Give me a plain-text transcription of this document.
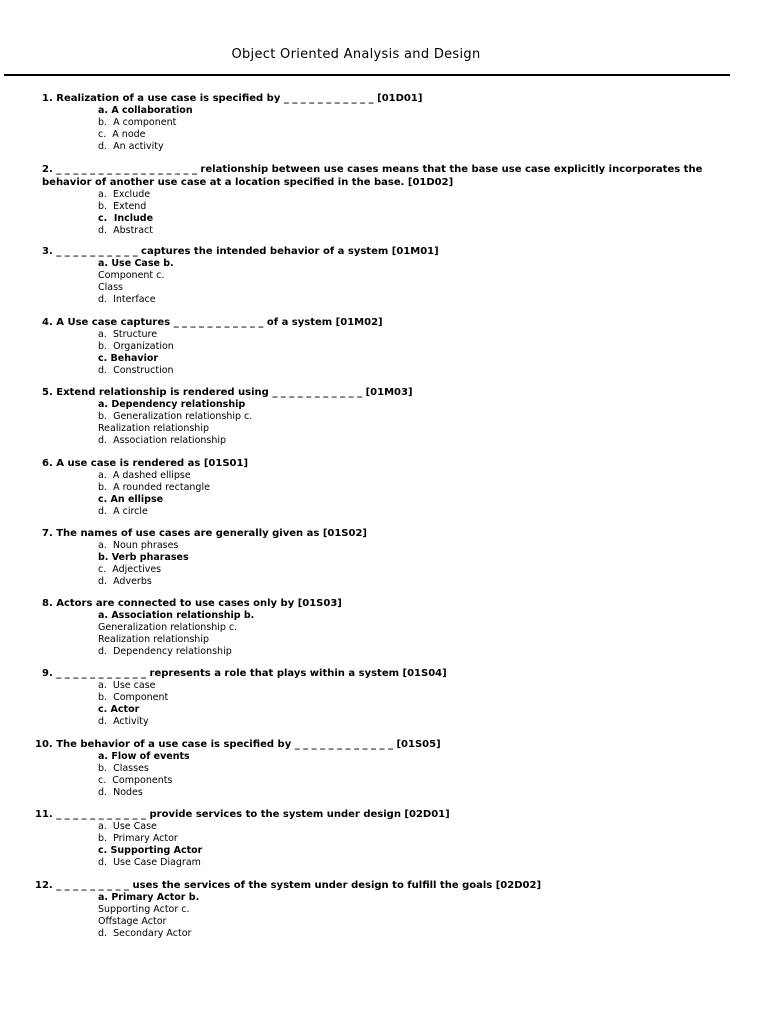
Object Oriented Analysis and Design
1. Realization of a use case is specified by _ _ _ _ _ _ _ _ _ _ _ [01D01]
a. A collaboration
b.  A component
c.  A node
d.  An activity
2. _ _ _ _ _ _ _ _ _ _ _ _ _ _ _ _ _ relationship between use cases means that the base use case explicitly incorporates the
behavior of another use case at a location specified in the base. [01D02]
a.  Exclude
b.  Extend
c.  Include
d.  Abstract
3. _ _ _ _ _ _ _ _ _ _ captures the intended behavior of a system [01M01]
a. Use Case b.
Component c.
Class
d.  Interface
4. A Use case captures _ _ _ _ _ _ _ _ _ _ _ of a system [01M02]
a.  Structure
b.  Organization
c. Behavior
d.  Construction
5. Extend relationship is rendered using _ _ _ _ _ _ _ _ _ _ _ [01M03]
a. Dependency relationship
b.  Generalization relationship c.
Realization relationship
d.  Association relationship
6. A use case is rendered as [01S01]
a.  A dashed ellipse
b.  A rounded rectangle
c. An ellipse
d.  A circle
7. The names of use cases are generally given as [01S02]
a.  Noun phrases
b. Verb pharases
c.  Adjectives
d.  Adverbs
8. Actors are connected to use cases only by [01S03]
a. Association relationship b.
Generalization relationship c.
Realization relationship
d.  Dependency relationship
9. _ _ _ _ _ _ _ _ _ _ _ represents a role that plays within a system [01S04]
a.  Use case
b.  Component
c. Actor
d.  Activity
10. The behavior of a use case is specified by _ _ _ _ _ _ _ _ _ _ _ _ [01S05]
a. Flow of events
b.  Classes
c.  Components
d.  Nodes
11. _ _ _ _ _ _ _ _ _ _ _ provide services to the system under design [02D01]
a.  Use Case
b.  Primary Actor
c. Supporting Actor
d.  Use Case Diagram
12. _ _ _ _ _ _ _ _ _ uses the services of the system under design to fulfill the goals [02D02]
a. Primary Actor b.
Supporting Actor c.
Offstage Actor
d.  Secondary Actor
